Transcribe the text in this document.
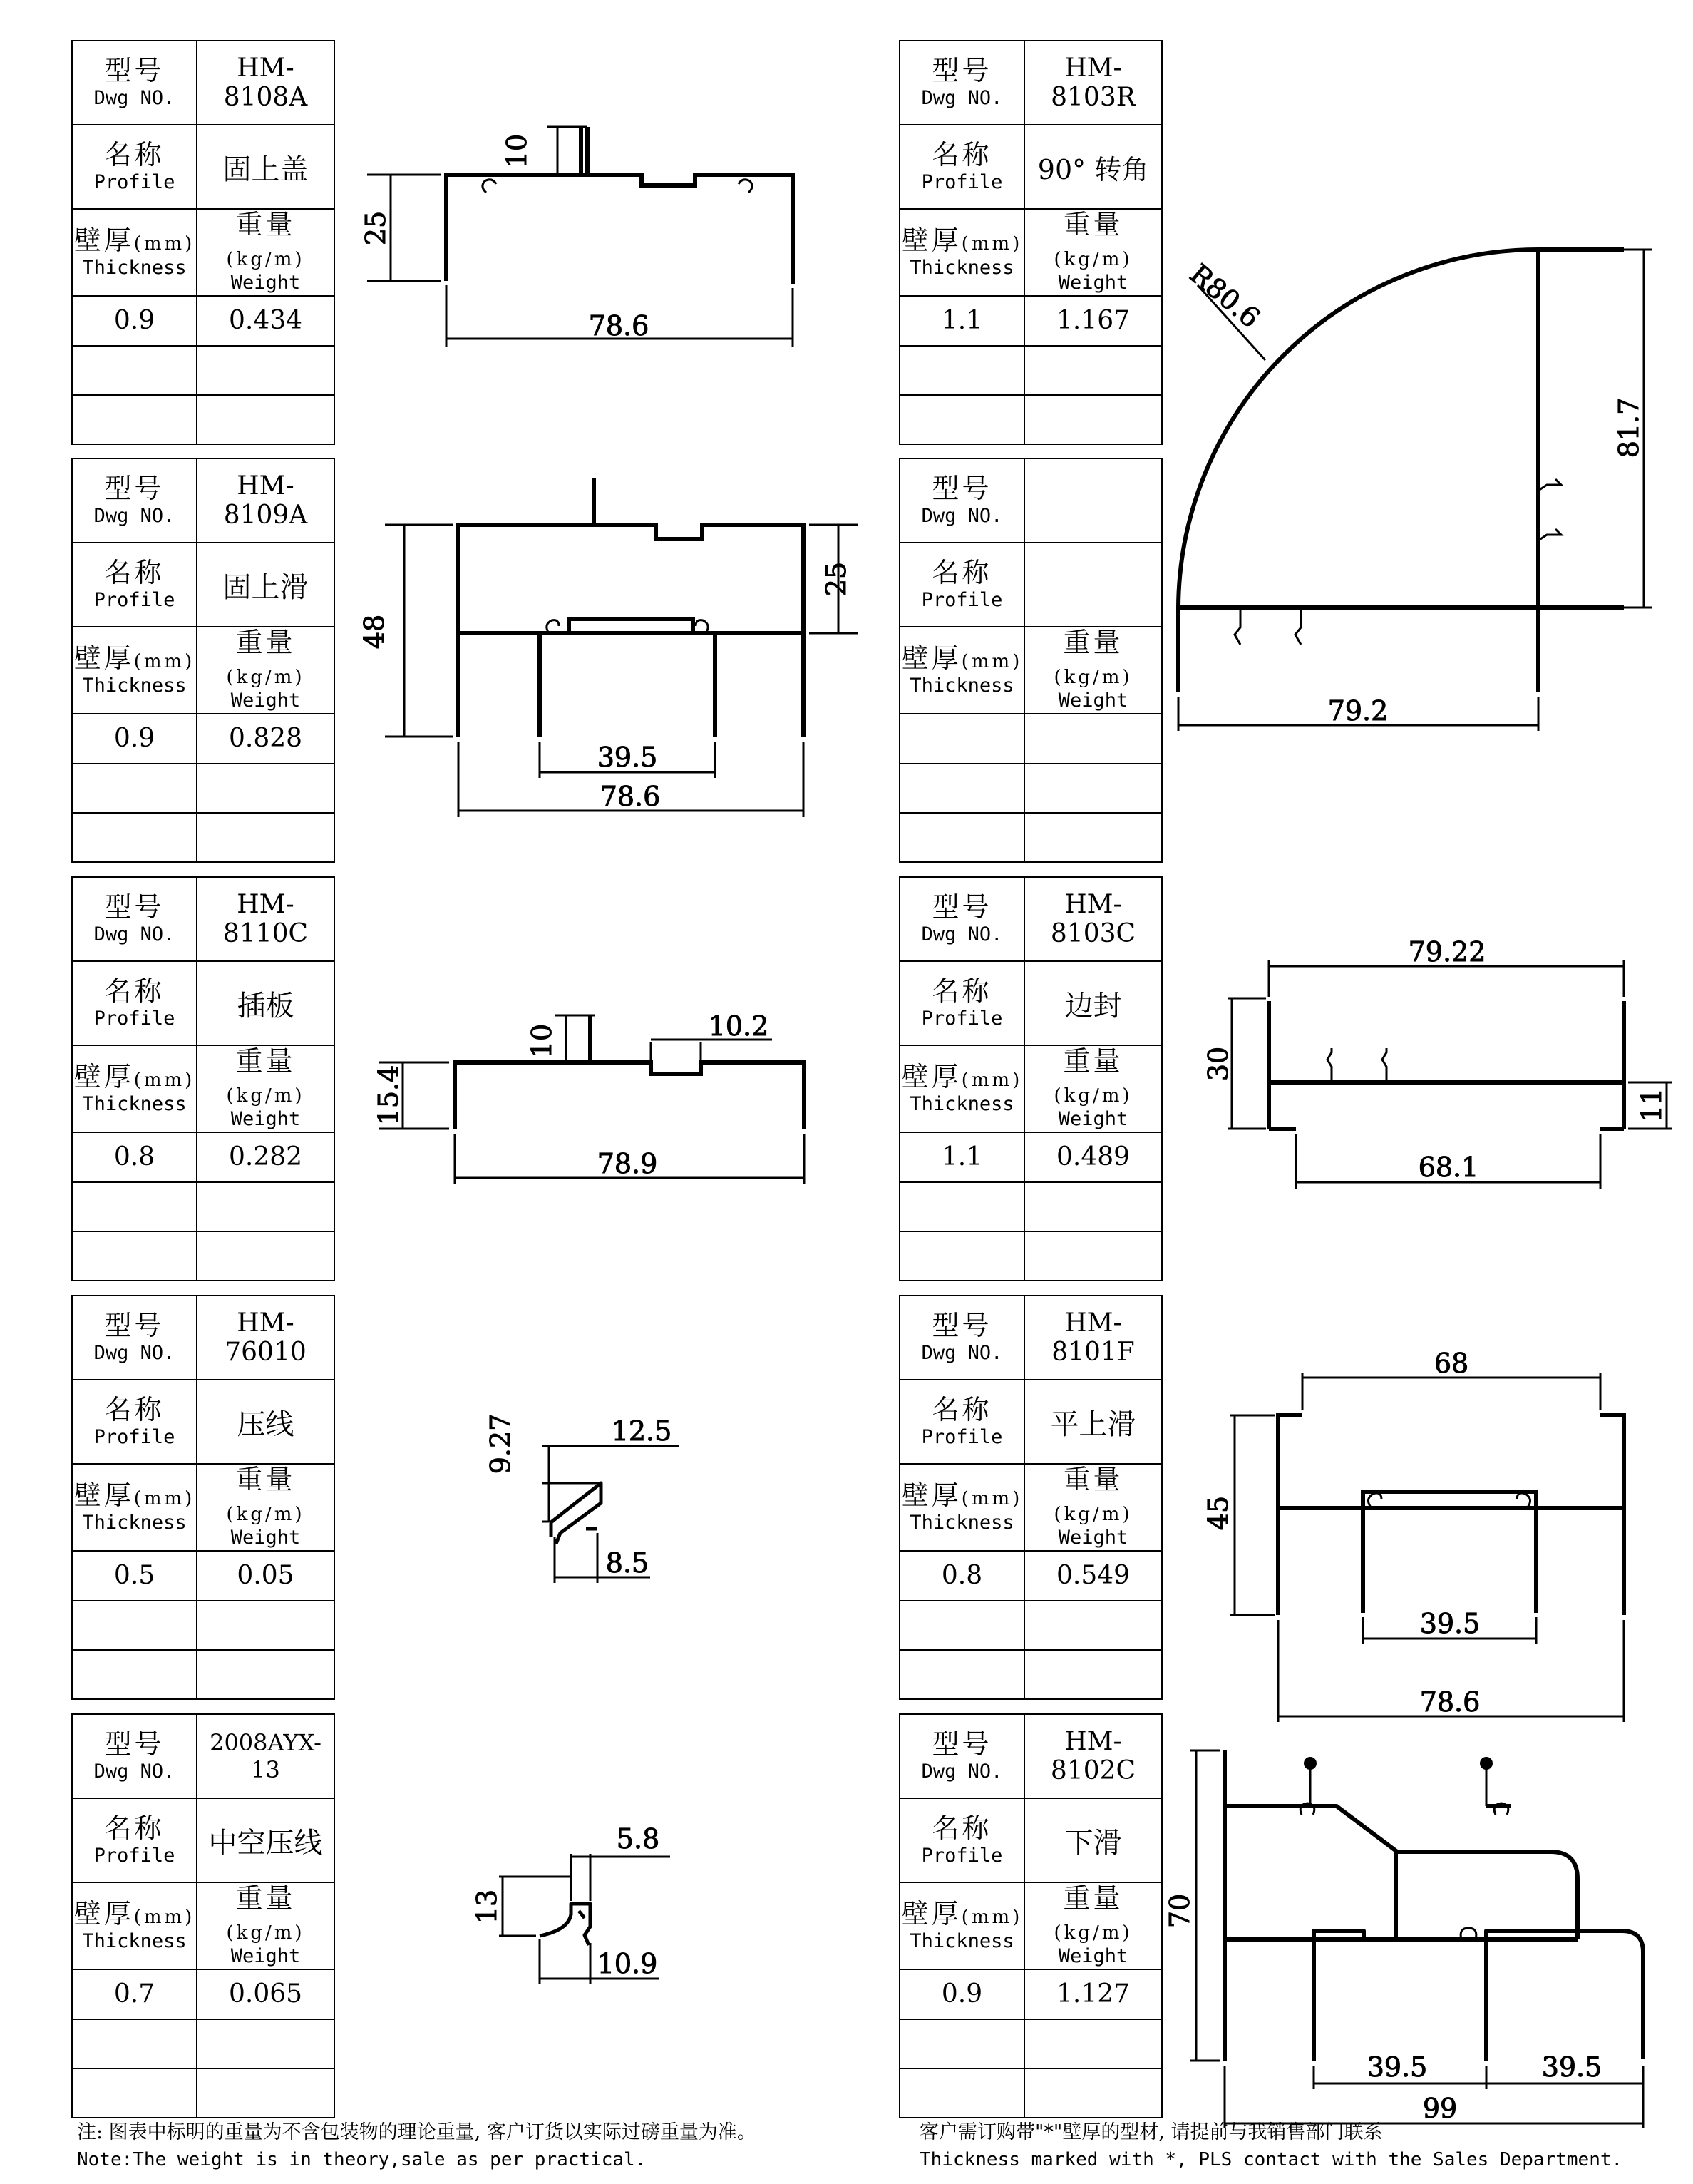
型号
Dwg NO.	HM-8108A

名称
Profile	固上盖

壁厚(mm)
Thickness	重量(kg/m)
Weight

0.9	0.434

型号
Dwg NO.	HM-8109A

名称
Profile	固上滑

壁厚(mm)
Thickness	重量(kg/m)
Weight

0.9	0.828

型号
Dwg NO.	HM-8110C

名称
Profile	插板

壁厚(mm)
Thickness	重量(kg/m)
Weight

0.8	0.282

型号
Dwg NO.	HM-76010

名称
Profile	压线

壁厚(mm)
Thickness	重量(kg/m)
Weight

0.5	0.05

型号
Dwg NO.	2008AYX-13

名称
Profile	中空压线

壁厚(mm)
Thickness	重量(kg/m)
Weight

0.7	0.065

型号
Dwg NO.	HM-8103R

名称
Profile	90° 转角

壁厚(mm)
Thickness	重量(kg/m)
Weight

1.1	1.167

型号
Dwg NO.	

名称
Profile	

壁厚(mm)
Thickness	重量(kg/m)
Weight

型号
Dwg NO.	HM-8103C

名称
Profile	边封

壁厚(mm)
Thickness	重量(kg/m)
Weight

1.1	0.489

型号
Dwg NO.	HM-8101F

名称
Profile	平上滑

壁厚(mm)
Thickness	重量(kg/m)
Weight

0.8	0.549

型号
Dwg NO.	HM-8102C

名称
Profile	下滑

壁厚(mm)
Thickness	重量(kg/m)
Weight

0.9	1.127

10
25
78.6
48
25
39.5
78.6
10	10.2
15.4
78.9
9.27	12.5
8.5
5.8
13
10.9
R80.6
81.7
79.2
79.22
30
11
68.1
68
45
39.5
78.6
70
39.5	39.5
99
注: 图表中标明的重量为不含包装物的理论重量, 客户订货以实际过磅重量为准。
Note:The weight is in theory,sale as per practical.
客户需订购带"*"壁厚的型材, 请提前与我销售部门联系
Thickness marked with *, PLS contact with the Sales Department.
